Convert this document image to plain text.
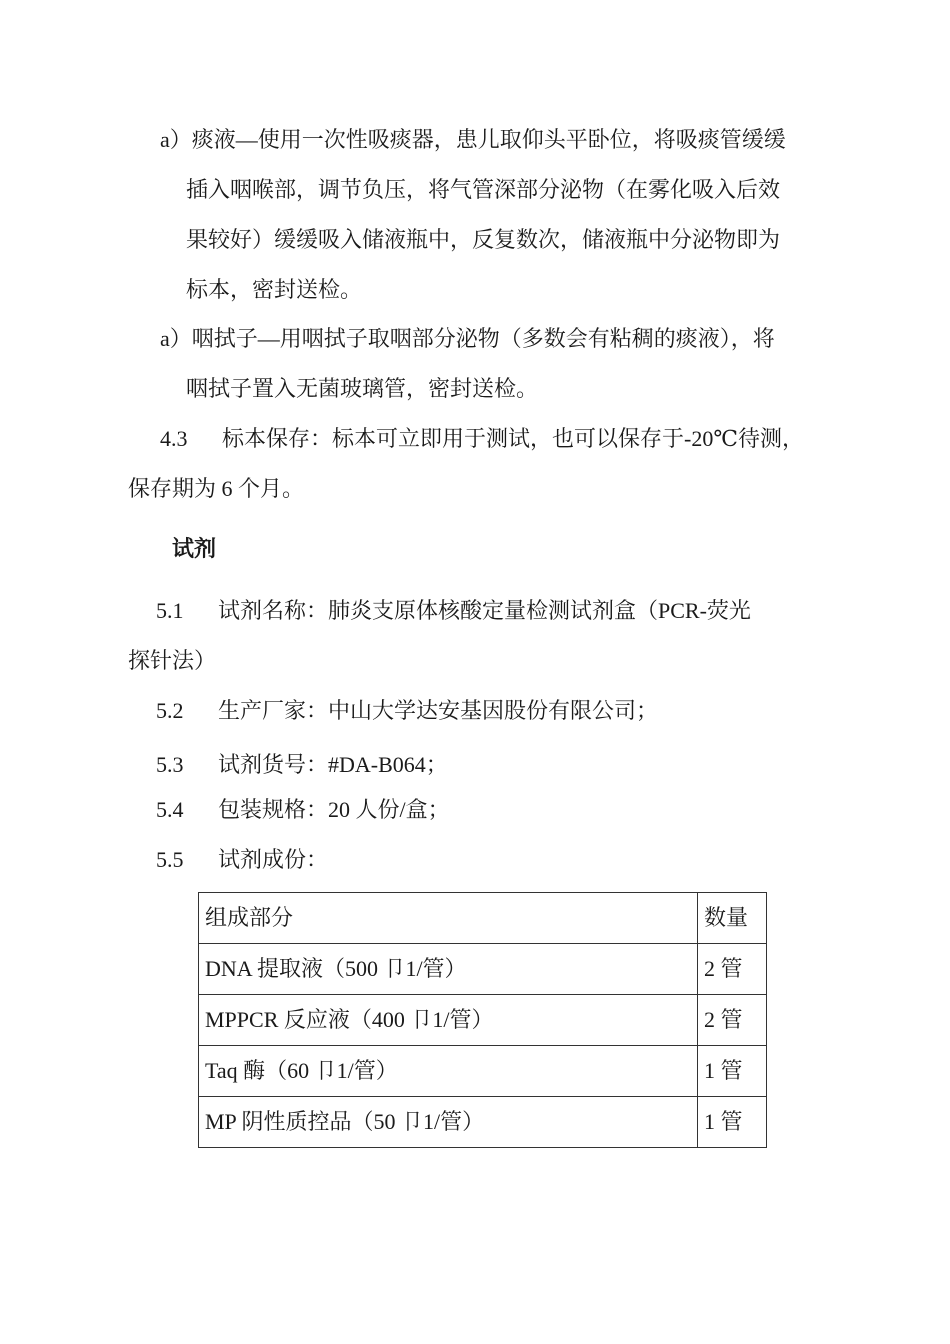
a）痰液—使用一次性吸痰器，患儿取仰头平卧位，将吸痰管缓缓
插入咽喉部，调节负压，将气管深部分泌物（在雾化吸入后效
果较好）缓缓吸入储液瓶中，反复数次，储液瓶中分泌物即为
标本，密封送检。
a）咽拭子—用咽拭子取咽部分泌物（多数会有粘稠的痰液），将
咽拭子置入无菌玻璃管，密封送检。
4.3 标本保存：标本可立即用于测试，也可以保存于-20℃待测，
保存期为 6 个月。
试剂
5.1 试剂名称：肺炎支原体核酸定量检测试剂盒（PCR-荧光
探针法）
5.2 生产厂家：中山大学达安基因股份有限公司；
5.3 试剂货号：#DA-B064；
5.4 包装规格：20 人份/盒；
5.5 试剂成份：
组成部分	数量
DNA 提取液（500 卩1/管）	2 管
MPPCR 反应液（400 卩1/管）	2 管
Taq 酶（60 卩1/管）	1 管
MP 阴性质控品（50 卩1/管）	1 管
